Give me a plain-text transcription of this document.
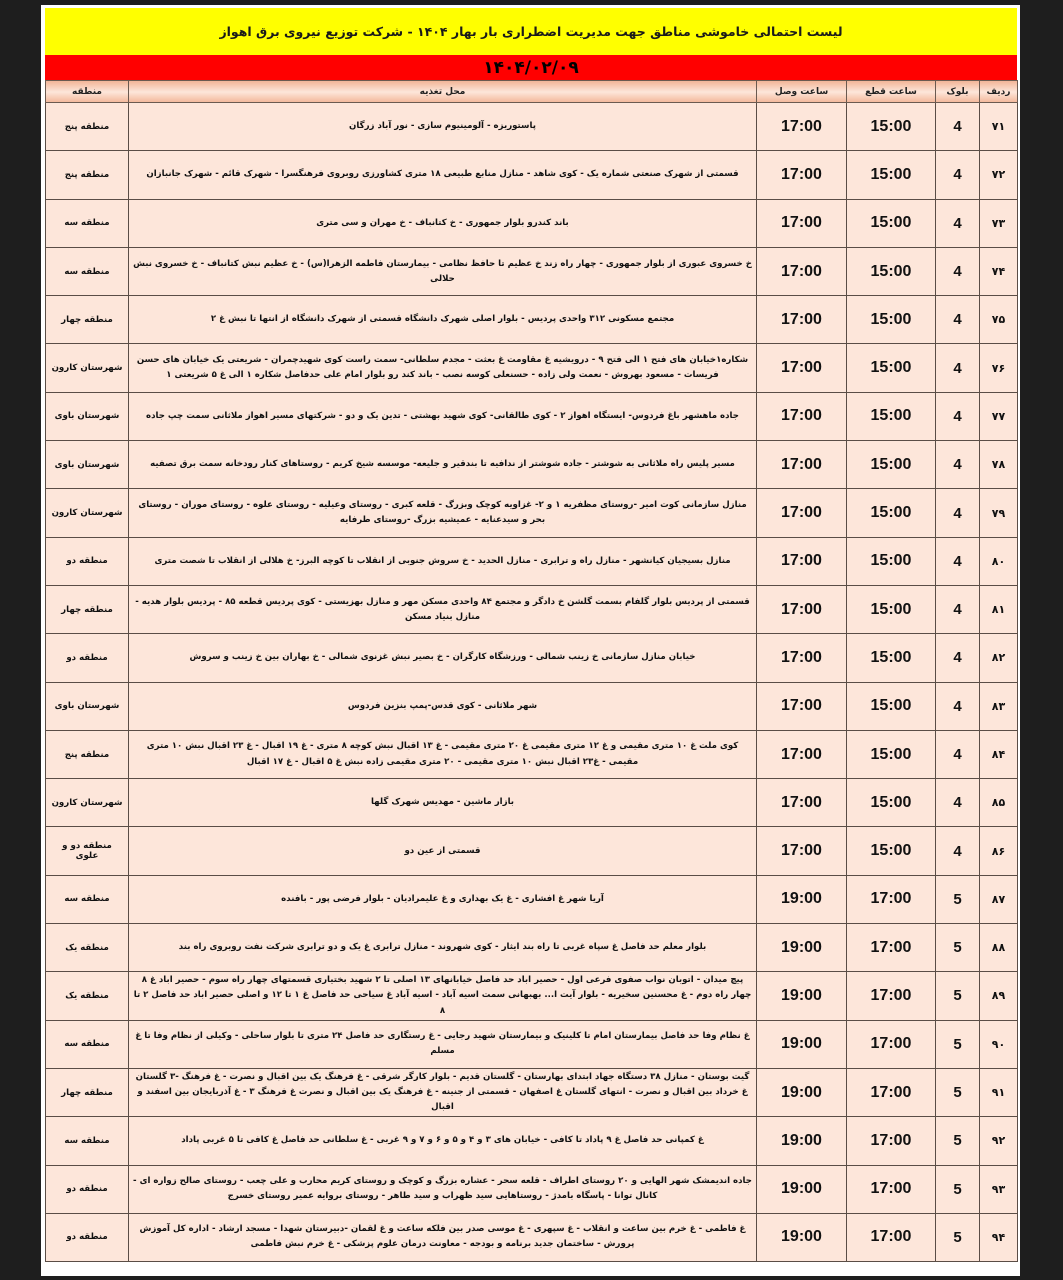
لیست احتمالی خاموشی مناطق جهت مدیریت اضطراری بار بهار ۱۴۰۴ - شرکت توزیع نیروی برق اهواز
۱۴۰۴/۰۲/۰۹
ردیف	بلوک	ساعت قطع	ساعت وصل	محل تغذیه	منطقه
۷۱	4	15:00	17:00	پاستوریزه - آلومینیوم سازی - نور آباد زرگان	منطقه پنج
۷۲	4	15:00	17:00	قسمتی از شهرک صنعتی شماره یک - کوی شاهد - منازل منابع طبیعی ۱۸ متری کشاورزی روبروی فرهنگسرا - شهرک قائم - شهرک جانبازان	منطقه پنج
۷۳	4	15:00	17:00	باند کندرو بلوار جمهوری - خ کتانباف - خ مهران و سی متری	منطقه سه
۷۴	4	15:00	17:00	خ خسروی عبوری از بلوار جمهوری - چهار راه زند خ عظیم تا حافظ نظامی - بیمارستان فاطمه الزهرا(س) - خ عظیم نبش کتانباف - خ خسروی نبش حلالی	منطقه سه
۷۵	4	15:00	17:00	مجتمع مسکونی ۳۱۲ واحدی پردیس - بلوار اصلی شهرک دانشگاه قسمتی از شهرک دانشگاه از انتها تا نبش غ ۲	منطقه چهار
۷۶	4	15:00	17:00	شکاره۱خیابان های فتح ۱ الی فتح ۹ - درویشیه غ مقاومت غ بعثت - مجدم سلطانی- سمت راست کوی شهیدچمران - شریعتی یک خیابان های حسن فریسات - مسعود بهروش - نعمت ولی زاده - حسنعلی کوسه نصب - باند کند رو بلوار امام علی حدفاصل شکاره ۱ الی غ ۵ شریعتی ۱	شهرستان کارون
۷۷	4	15:00	17:00	جاده ماهشهر باغ فردوس- ایستگاه اهواز ۲ - کوی طالقانی- کوی شهید بهشتی - تدین یک و دو - شرکتهای مسیر اهواز ملاثانی سمت چپ جاده	شهرستان باوی
۷۸	4	15:00	17:00	مسیر پلیس راه ملاثانی به شوشتر - جاده شوشتر از ندافیه تا بندقیر و جلیعه- موسسه شیخ کریم - روستاهای کنار رودخانه سمت برق تصفیه	شهرستان باوی
۷۹	4	15:00	17:00	منازل سازمانی کوت امیر -روستای مظفریه ۱ و ۲- غزاویه کوچک وبزرگ - قلعه کبری - روستای وعیلیه - روستای علوه - روستای موران - روستای بحر و سیدعنایه - عمیشیه بزرگ -روستای طرفایه	شهرستان کارون
۸۰	4	15:00	17:00	منازل بسیجیان کیانشهر - منازل راه و ترابری - منازل الحدید - خ سروش جنوبی از انقلاب تا کوچه البرز- خ هلالی از انقلاب تا شصت متری	منطقه دو
۸۱	4	15:00	17:00	قسمتی از پردیس بلوار گلفام بسمت گلشن خ دادگر و مجتمع ۸۴ واحدی مسکن مهر و منازل بهزیستی - کوی پردیس قطعه ۸۵ - پردیس بلوار هدیه - منازل بنیاد مسکن	منطقه چهار
۸۲	4	15:00	17:00	خیابان منازل سازمانی خ زینب شمالی - ورزشگاه کارگران - خ بصیر نبش غزنوی شمالی - خ بهاران بین خ زینب و سروش	منطقه دو
۸۳	4	15:00	17:00	شهر ملاثانی - کوی قدس-پمپ بنزین فردوس	شهرستان باوی
۸۴	4	15:00	17:00	کوی ملت غ ۱۰ متری مقیمی و غ ۱۲ متری مقیمی غ ۲۰ متری مقیمی - غ ۱۳ اقبال نبش کوچه ۸ متری - غ ۱۹ اقبال - غ ۲۳ اقبال نبش ۱۰ متری مقیمی - غ۲۳ اقبال نبش ۱۰ متری مقیمی - ۲۰ متری مقیمی زاده نبش غ ۵ اقبال - غ ۱۷ اقبال	منطقه پنج
۸۵	4	15:00	17:00	بازار ماشین - مهدیس شهرک گلها	شهرستان کارون
۸۶	4	15:00	17:00	قسمتی از عین دو	منطقه دو و علوی
۸۷	5	17:00	19:00	آریا شهر غ افشاری - غ یک بهداری و غ علیمرادیان - بلوار فرضی پور - بافنده	منطقه سه
۸۸	5	17:00	19:00	بلوار معلم حد فاصل غ سپاه غربی تا راه بند ایثار - کوی شهروند - منازل ترابری غ یک و دو ترابری شرکت نفت روبروی راه بند	منطقه یک
۸۹	5	17:00	19:00	پیچ میدان - اتوبان نواب صفوی فرعی اول - حصیر اباد حد فاصل خیابانهای ۱۳ اصلی تا ۲ شهید بختیاری قسمتهای چهار راه سوم - حصیر اباد غ ۸ چهار راه دوم - غ محسنین سخیریه - بلوار آیت ا... بهبهانی سمت اسیه آباد - اسیه آباد غ سیاحی حد فاصل غ ۱ تا ۱۲ و اصلی حصیر اباد حد فاصل ۲ تا ۸	منطقه یک
۹۰	5	17:00	19:00	غ نظام وفا حد فاصل بیمارستان امام تا کلینیک و بیمارستان شهید رجایی - غ رستگاری حد فاصل ۲۴ متری تا بلوار ساحلی - وکیلی از نظام وفا تا غ مسلم	منطقه سه
۹۱	5	17:00	19:00	گیت بوستان - منازل ۳۸ دستگاه جهاد ابتدای بهارستان - گلستان قدیم - بلوار کارگر شرقی - غ فرهنگ یک بین اقبال و نصرت - غ فرهنگ -۳ گلستان غ خرداد بین اقبال و نصرت - انتهای گلستان غ اصفهان - قسمتی از جنینه - غ فرهنگ یک بین اقبال و نصرت غ فرهنگ ۳ - غ آذربایجان بین اسفند و اقبال	منطقه چهار
۹۲	5	17:00	19:00	غ کمپانی حد فاصل غ ۹ پاداد تا کافی - خیابان های ۳ و ۴ و ۵ و ۶ و ۷ و ۹ غربی - غ سلطانی حد فاصل غ کافی تا ۵ غربی پاداد	منطقه سه
۹۳	5	17:00	19:00	جاده اندیمشک شهر الهایی و ۲۰ روستای اطراف - قلعه سحر - عشاره بزرگ و کوچک و روستای کریم محارب و علی چعب - روستای صالح زواره ای - کانال توانا - پاسگاه بامدژ - روستاهایی سید ظهراب و سید طاهر - روستای بروایه عمیر روستای خسرج	منطقه دو
۹۴	5	17:00	19:00	غ فاطمی - غ خرم بین ساعت و انقلاب - غ سپهری - غ موسی صدر بین فلکه ساعت و غ لقمان -دبیرستان شهدا - مسجد ارشاد - اداره کل آموزش پرورش - ساختمان جدید برنامه و بودجه - معاونت درمان علوم پزشکی - غ خرم نبش فاطمی	منطقه دو
